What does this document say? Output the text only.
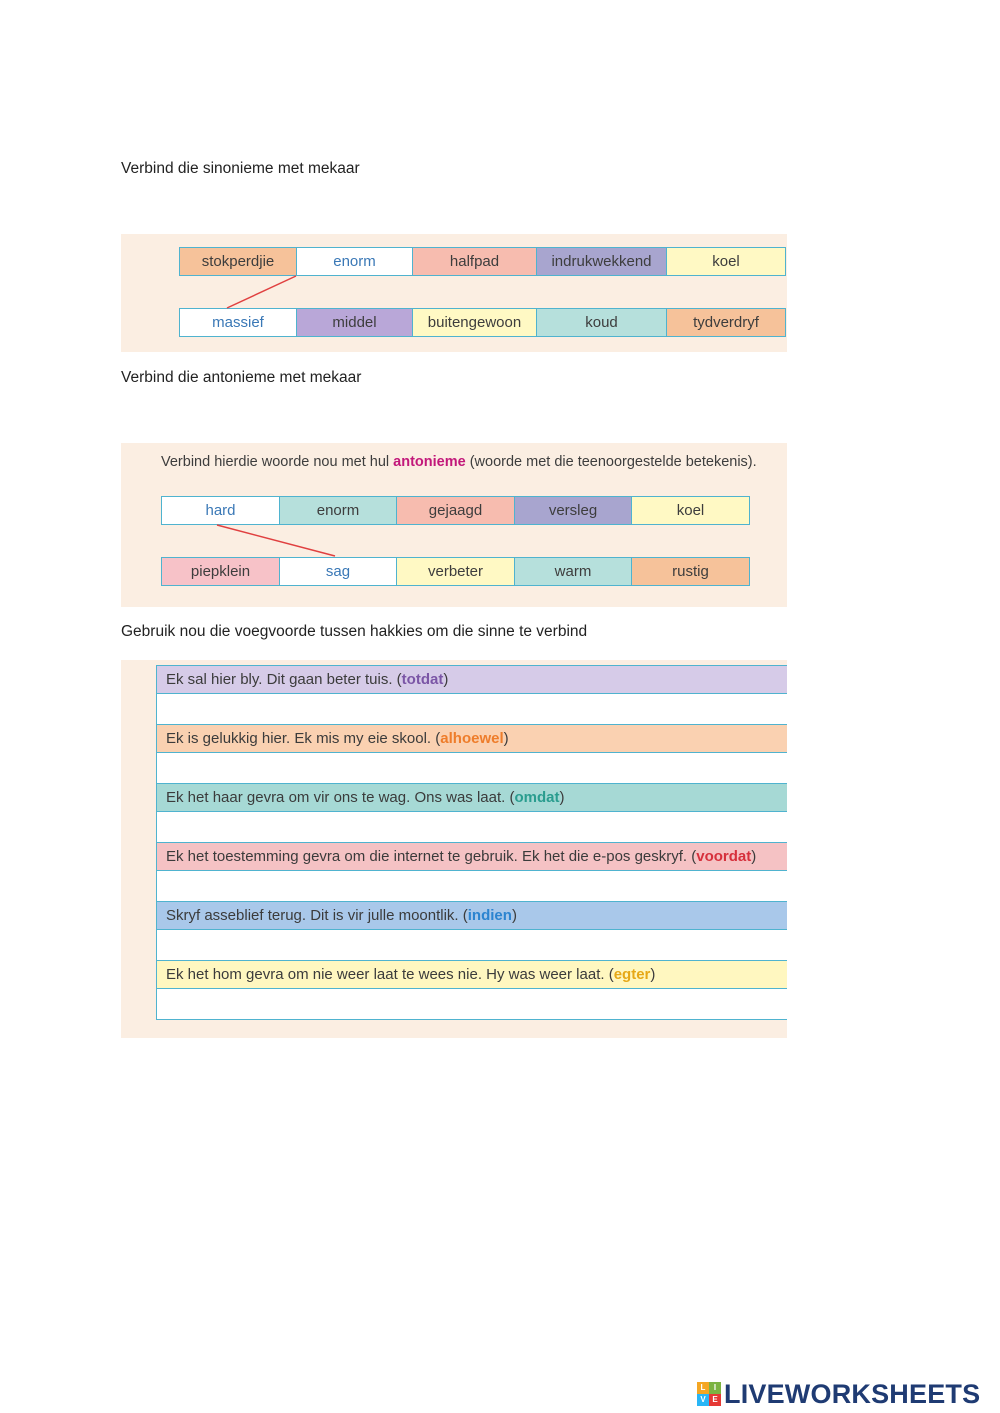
Verbind die sinonieme met mekaar
stokperdjie	enorm	halfpad	indrukwekkend	koel
massief	middel	buitengewoon	koud	tydverdryf
Verbind die antonieme met mekaar
Verbind hierdie woorde nou met hul antonieme (woorde met die teenoorgestelde betekenis).
hard	enorm	gejaagd	versleg	koel
piepklein	sag	verbeter	warm	rustig
Gebruik nou die voegvoorde tussen hakkies om die sinne te verbind
Ek sal hier bly. Dit gaan beter tuis. ( totdat )
Ek is gelukkig hier. Ek mis my eie skool. ( alhoewel )
Ek het haar gevra om vir ons te wag. Ons was laat. ( omdat )
Ek het toestemming gevra om die internet te gebruik. Ek het die e-pos geskryf. ( voordat )
Skryf asseblief terug. Dit is vir julle moontlik. ( indien )
Ek het hom gevra om nie weer laat te wees nie. Hy was weer laat. ( egter )
L	I
V E LIVEWORKSHEETS
